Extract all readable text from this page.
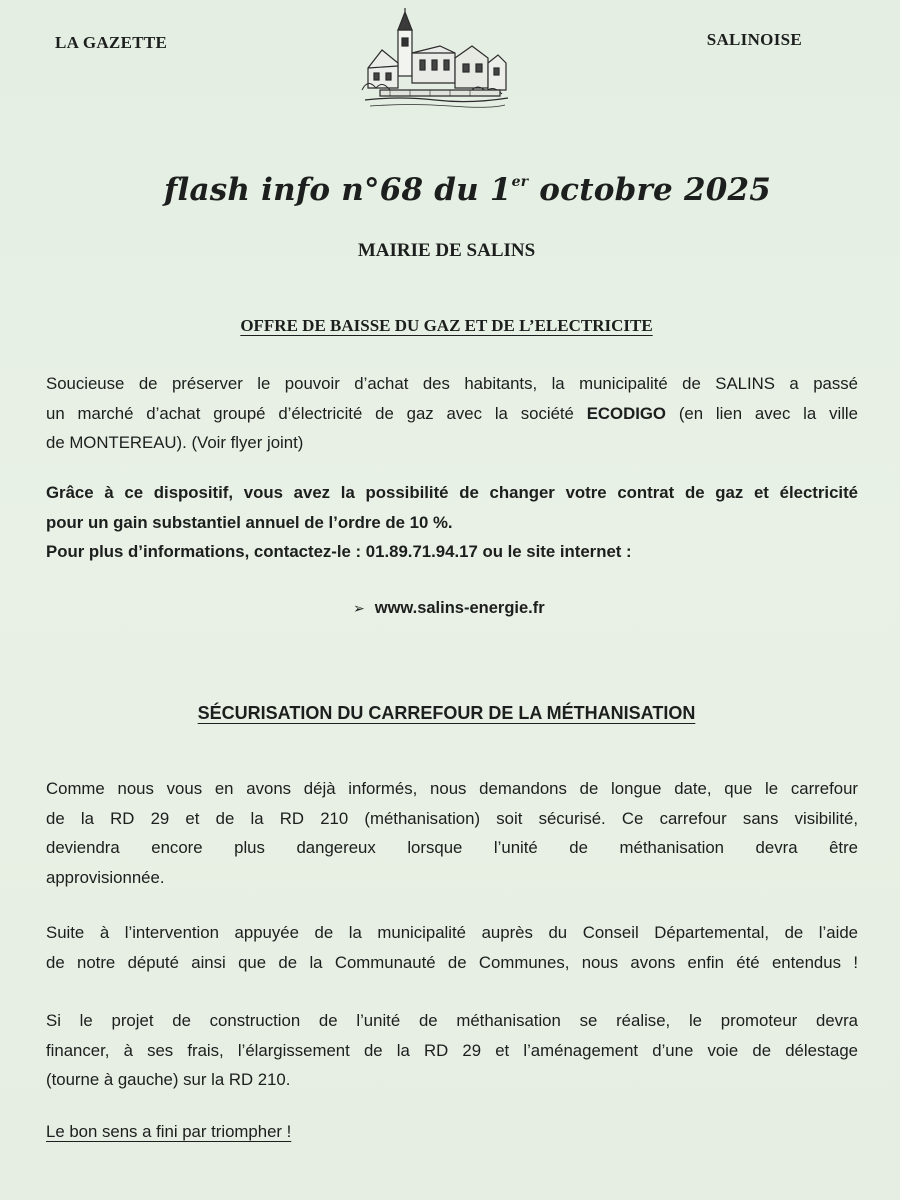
LA GAZETTE	SALINOISE
flash info n°68 du 1er octobre 2025
MAIRIE DE SALINS
OFFRE DE BAISSE DU GAZ ET DE L’ELECTRICITE
Soucieuse de préserver le pouvoir d’achat des habitants, la municipalité de SALINS a passé
un marché d’achat groupé d’électricité de gaz avec la société ECODIGO (en lien avec la ville
de MONTEREAU). (Voir flyer joint)
Grâce à ce dispositif, vous avez la possibilité de changer votre contrat de gaz et électricité
pour un gain substantiel annuel de l’ordre de 10 %.
Pour plus d’informations, contactez-le : 01.89.71.94.17 ou le site internet :
➢ www.salins-energie.fr
SÉCURISATION DU CARREFOUR DE LA MÉTHANISATION
Comme nous vous en avons déjà informés, nous demandons de longue date, que le carrefour
de la RD 29 et de la RD 210 (méthanisation) soit sécurisé. Ce carrefour sans visibilité,
deviendra encore plus dangereux lorsque l’unité de méthanisation devra être
approvisionnée.
Suite à l’intervention appuyée de la municipalité auprès du Conseil Départemental, de l’aide
de notre député ainsi que de la Communauté de Communes, nous avons enfin été entendus !
Si le projet de construction de l’unité de méthanisation se réalise, le promoteur devra
financer, à ses frais, l’élargissement de la RD 29 et l’aménagement d’une voie de délestage
(tourne à gauche) sur la RD 210.
Le bon sens a fini par triompher !
